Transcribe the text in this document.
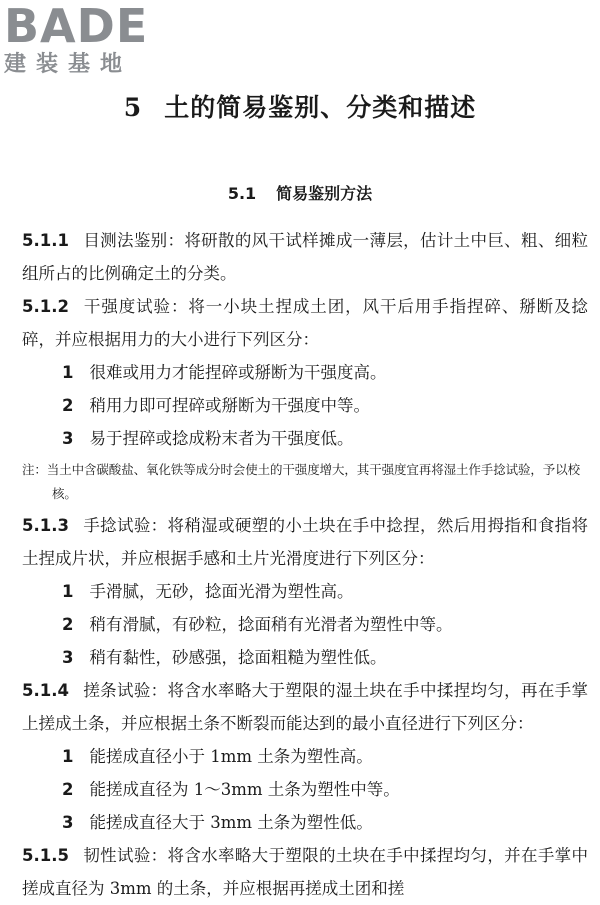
BADE
建装基地
5 土的简易鉴别、分类和描述
5.1 简易鉴别方法

5.1.1 目测法鉴别：将研散的风干试样摊成一薄层，估计土中巨、粗、细粒组所占的比例确定土的分类。

5.1.2 干强度试验：将一小块土捏成土团，风干后用手指捏碎、掰断及捻碎，并应根据用力的大小进行下列区分：

1 很难或用力才能捏碎或掰断为干强度高。

2 稍用力即可捏碎或掰断为干强度中等。

3 易于捏碎或捻成粉末者为干强度低。

注：当土中含碳酸盐、氧化铁等成分时会使土的干强度增大，其干强度宜再将湿土作手捻试验，予以校核。

5.1.3 手捻试验：将稍湿或硬塑的小土块在手中捻捏，然后用拇指和食指将土捏成片状，并应根据手感和土片光滑度进行下列区分：

1 手滑腻，无砂，捻面光滑为塑性高。

2 稍有滑腻，有砂粒，捻面稍有光滑者为塑性中等。

3 稍有黏性，砂感强，捻面粗糙为塑性低。

5.1.4 搓条试验：将含水率略大于塑限的湿土块在手中揉捏均匀，再在手掌上搓成土条，并应根据土条不断裂而能达到的最小直径进行下列区分：

1 能搓成直径小于 1mm 土条为塑性高。

2 能搓成直径为 1～3mm 土条为塑性中等。

3 能搓成直径大于 3mm 土条为塑性低。

5.1.5 韧性试验：将含水率略大于塑限的土块在手中揉捏均匀，并在手掌中搓成直径为 3mm 的土条，并应根据再搓成土团和搓
